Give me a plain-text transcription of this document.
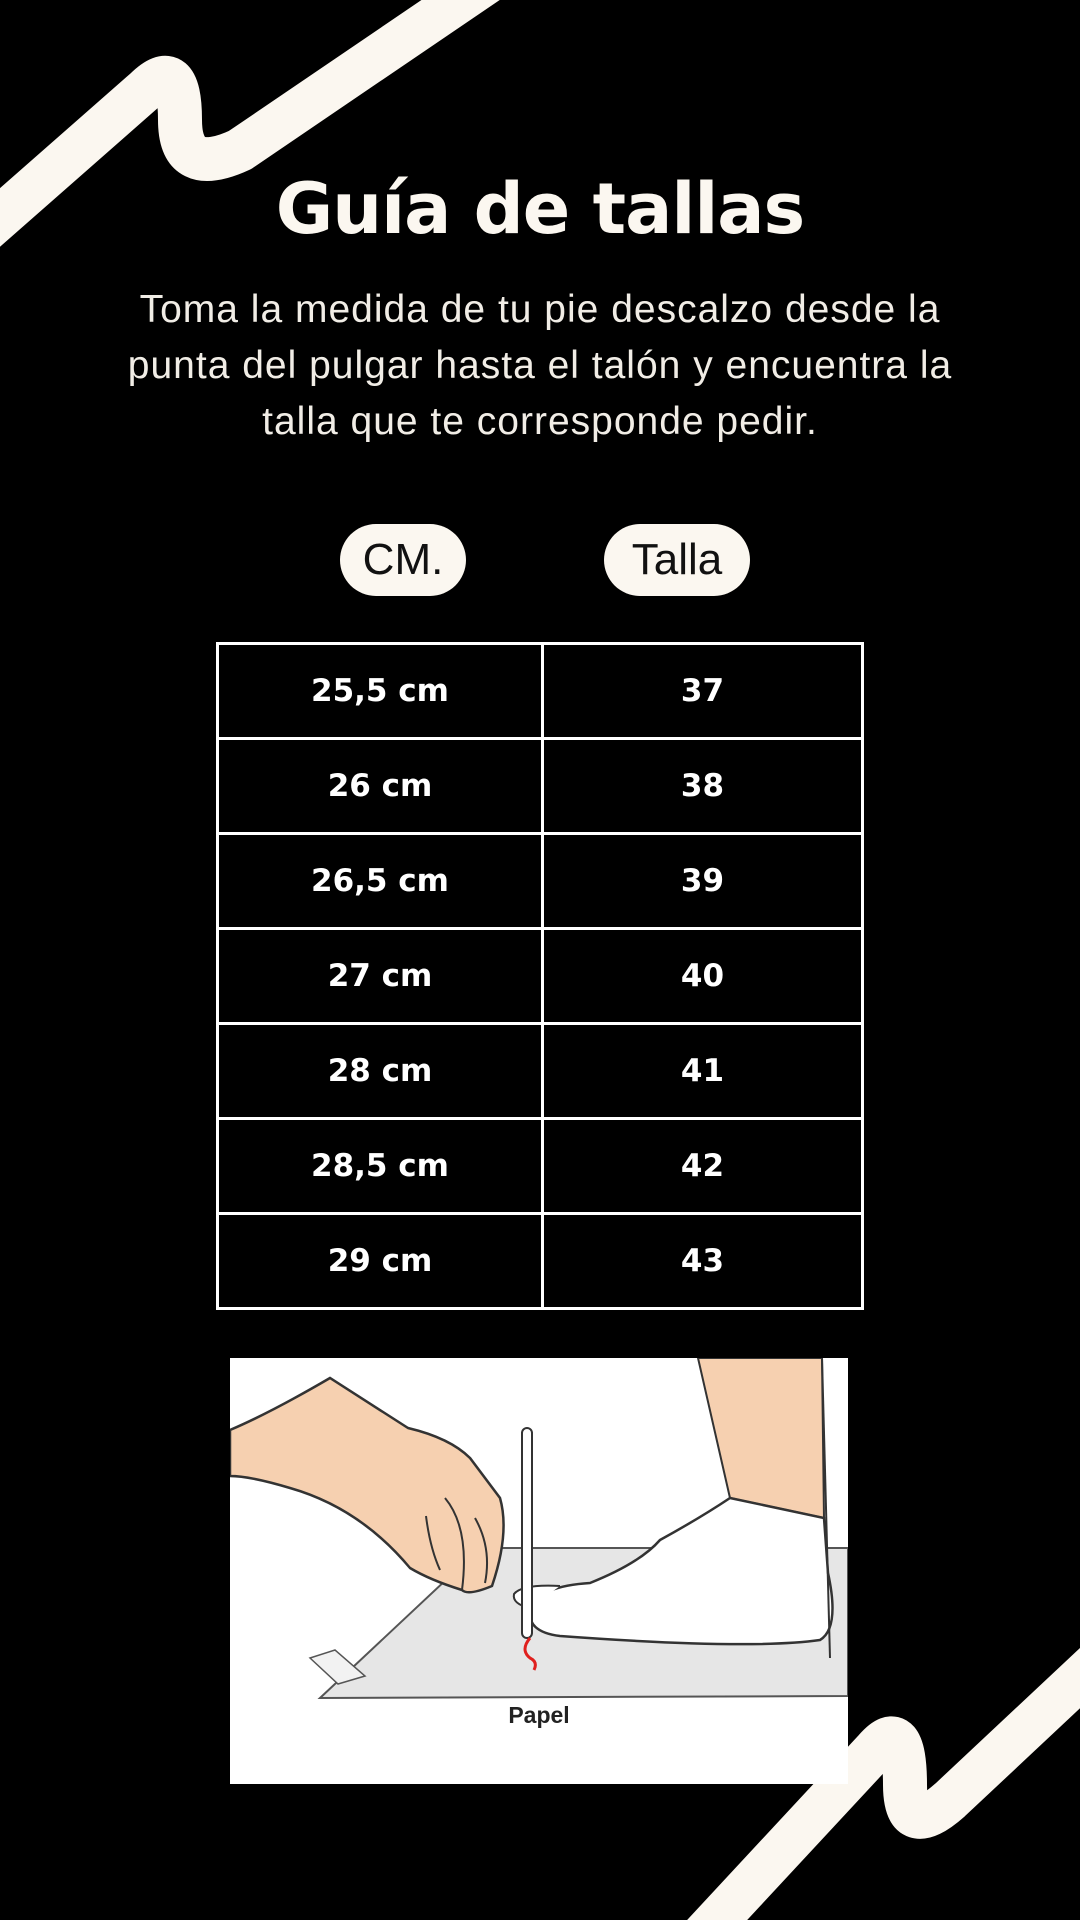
Guía de tallas
Toma la medida de tu pie descalzo desde la punta del pulgar hasta el talón y encuentra la talla que te corresponde pedir.
CM.	Talla
25,5 cm	37
26 cm	38
26,5 cm	39
27 cm	40
28 cm	41
28,5 cm	42
29 cm	43
Papel
